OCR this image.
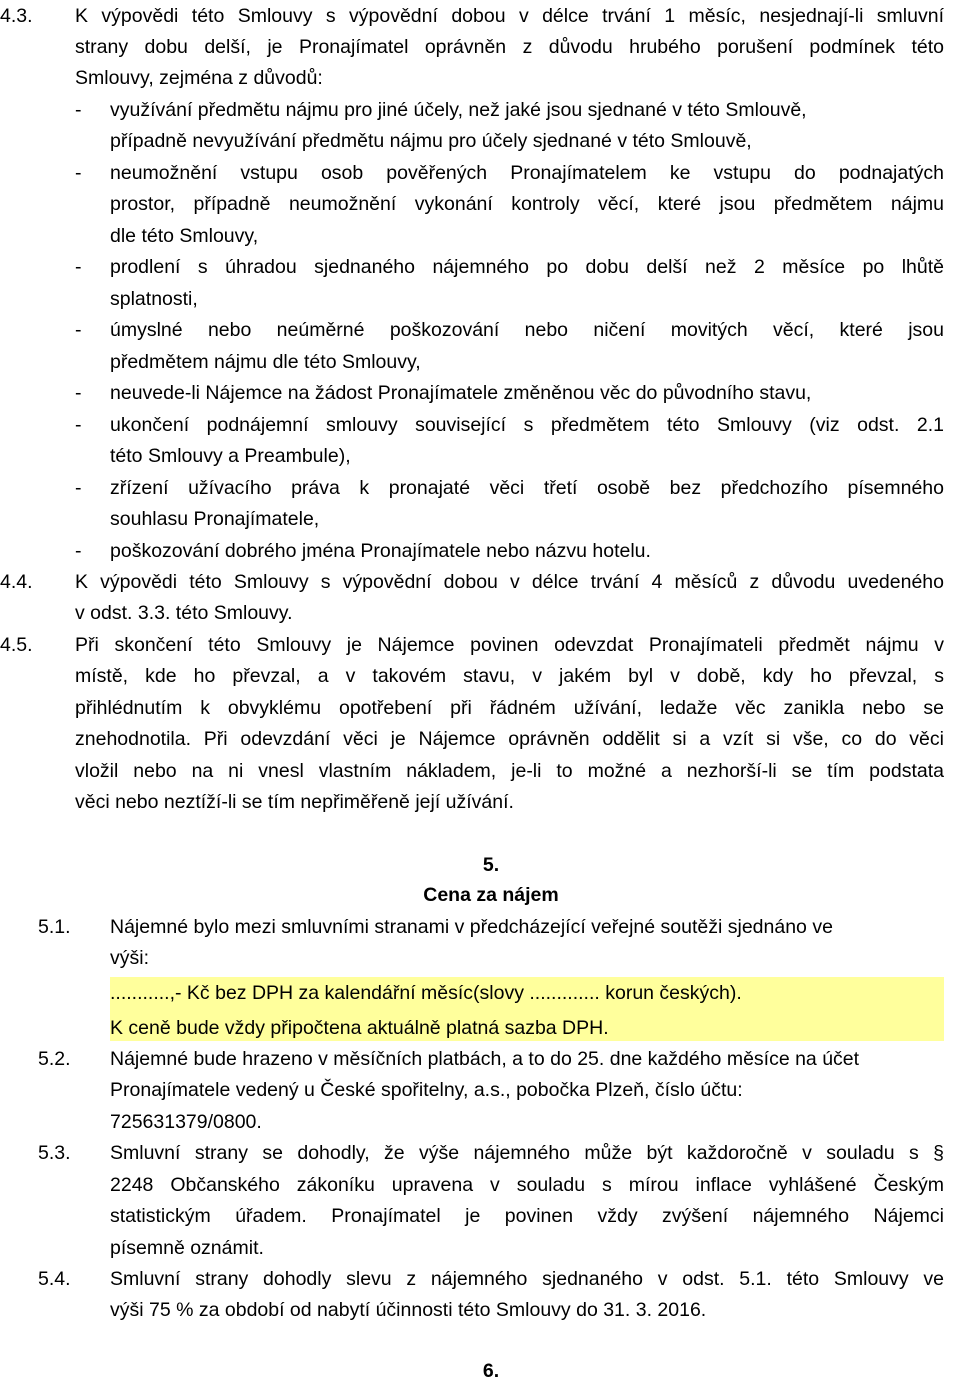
4.3. K výpovědi této Smlouvy s výpovědní dobou v délce trvání 1 měsíc, nesjednají-li smluvní
strany dobu delší, je Pronajímatel oprávněn z důvodu hrubého porušení podmínek této
Smlouvy, zejména z důvodů:
- využívání předmětu nájmu pro jiné účely, než jaké jsou sjednané v této Smlouvě,
případně nevyužívání předmětu nájmu pro účely sjednané v této Smlouvě,
- neumožnění vstupu osob pověřených Pronajímatelem ke vstupu do podnajatých
prostor, případně neumožnění vykonání kontroly věcí, které jsou předmětem nájmu
dle této Smlouvy,
- prodlení s úhradou sjednaného nájemného po dobu delší než 2 měsíce po lhůtě
splatnosti,
- úmyslné nebo neúměrné poškozování nebo ničení movitých věcí, které jsou
předmětem nájmu dle této Smlouvy,
- neuvede-li Nájemce na žádost Pronajímatele změněnou věc do původního stavu,
- ukončení podnájemní smlouvy související s předmětem této Smlouvy (viz odst. 2.1
této Smlouvy a Preambule),
- zřízení užívacího práva k pronajaté věci třetí osobě bez předchozího písemného
souhlasu Pronajímatele,
- poškozování dobrého jména Pronajímatele nebo názvu hotelu.
4.4. K výpovědi této Smlouvy s výpovědní dobou v délce trvání 4 měsíců z důvodu uvedeného
v odst. 3.3. této Smlouvy.
4.5. Při skončení této Smlouvy je Nájemce povinen odevzdat Pronajímateli předmět nájmu v
místě, kde ho převzal, a v takovém stavu, v jakém byl v době, kdy ho převzal, s
přihlédnutím k obvyklému opotřebení při řádném užívání, ledaže věc zanikla nebo se
znehodnotila. Při odevzdání věci je Nájemce oprávněn oddělit si a vzít si vše, co do věci
vložil nebo na ni vnesl vlastním nákladem, je-li to možné a nezhorší-li se tím podstata
věci nebo neztíží-li se tím nepřiměřeně její užívání.
5.
Cena za nájem
5.1. Nájemné bylo mezi smluvními stranami v předcházející veřejné soutěži sjednáno ve
výši:
...........,- Kč bez DPH za kalendářní měsíc(slovy ............. korun českých).
K ceně bude vždy připočtena aktuálně platná sazba DPH.
5.2. Nájemné bude hrazeno v měsíčních platbách, a to do 25. dne každého měsíce na účet
Pronajímatele vedený u České spořitelny, a.s., pobočka Plzeň, číslo účtu:
725631379/0800.
5.3. Smluvní strany se dohodly, že výše nájemného může být každoročně v souladu s §
2248 Občanského zákoníku upravena v souladu s mírou inflace vyhlášené Českým
statistickým úřadem. Pronajímatel je povinen vždy zvýšení nájemného Nájemci
písemně oznámit.
5.4. Smluvní strany dohodly slevu z nájemného sjednaného v odst. 5.1. této Smlouvy ve
výši 75 % za období od nabytí účinnosti této Smlouvy do 31. 3. 2016.
6.
